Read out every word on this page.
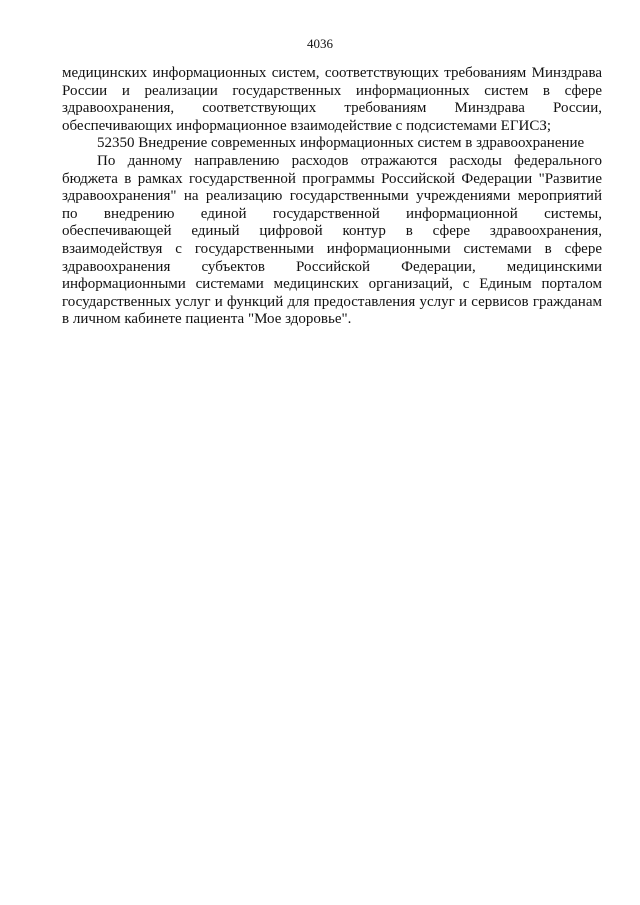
4036

медицинских информационных систем, соответствующих требованиям Минздрава России и реализации государственных информационных систем в сфере здравоохранения, соответствующих требованиям Минздрава России, обеспечивающих информационное взаимодействие с подсистемами ЕГИСЗ;

52350 Внедрение современных информационных систем в здравоохранение

По данному направлению расходов отражаются расходы федерального бюджета в рамках государственной программы Российской Федерации "Развитие здравоохранения" на реализацию государственными учреждениями мероприятий по внедрению единой государственной информационной системы, обеспечивающей единый цифровой контур в сфере здравоохранения, взаимодействуя с государственными информационными системами в сфере здравоохранения субъектов Российской Федерации, медицинскими информационными системами медицинских организаций, с Единым порталом государственных услуг и функций для предоставления услуг и сервисов гражданам в личном кабинете пациента "Мое здоровье".
